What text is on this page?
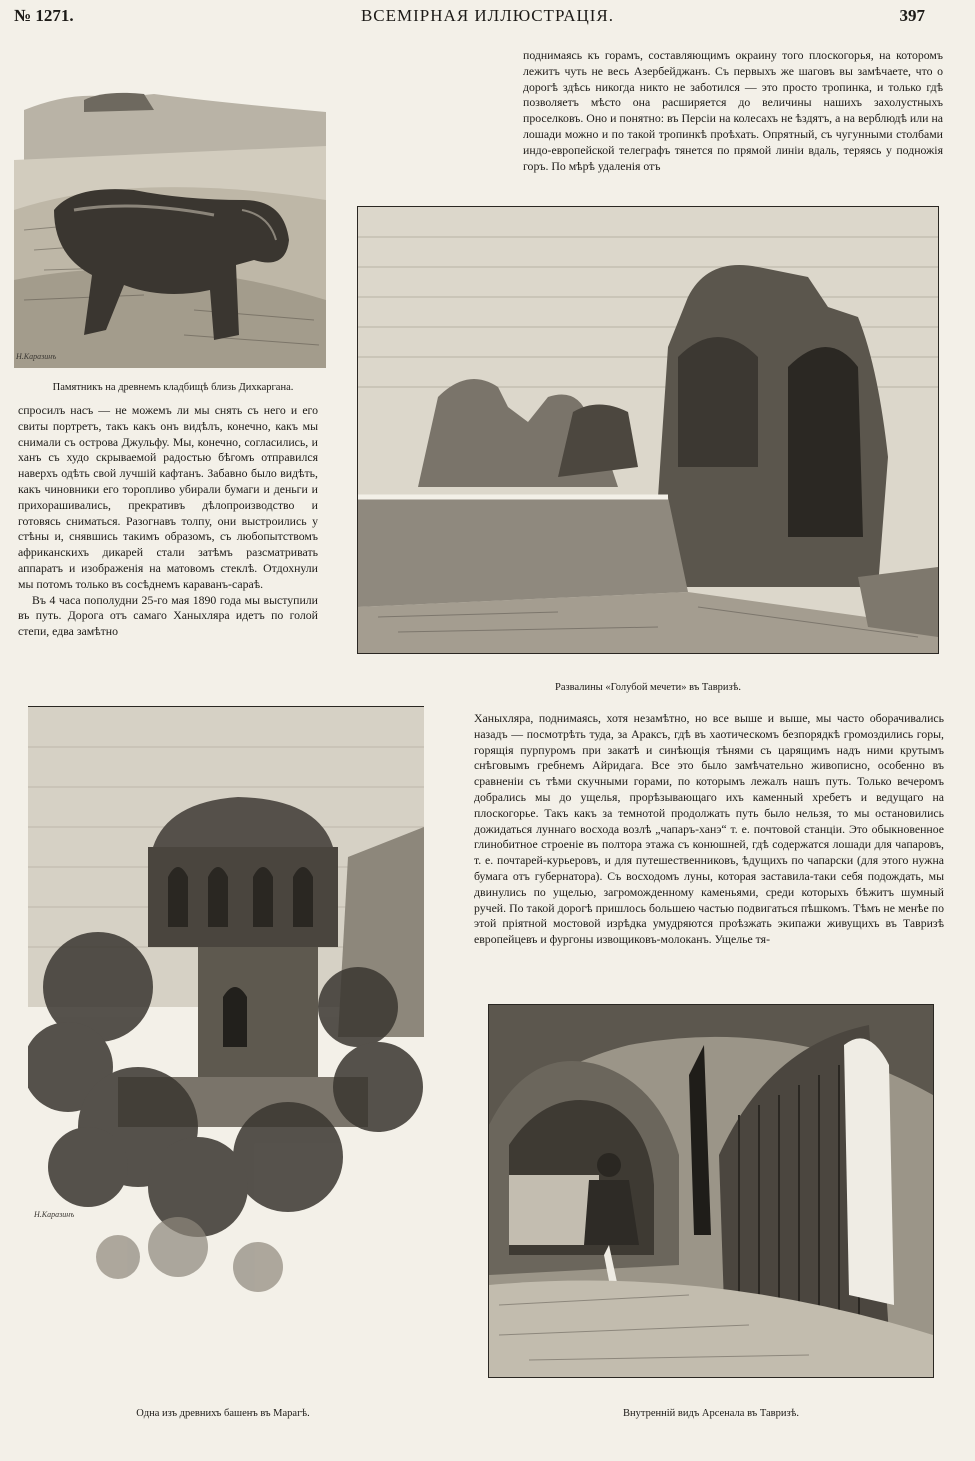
№ 1271.	ВСЕМIРНАЯ ИЛЛЮСТРАЦIЯ.	397
Н.Каразинъ
Памятникъ на древнемъ кладбищѣ близь Дихкаргана.

поднимаясь къ горамъ, составляющимъ окраину того плоскогорья, на которомъ лежитъ чуть не весь Азербейджанъ. Съ первыхъ же шаговъ вы замѣчаете, что о дорогѣ здѣсь никогда никто не заботился — это просто тропинка, и только гдѣ позволяетъ мѣсто она расширяется до величины нашихъ захолустныхъ проселковъ. Оно и понятно: въ Персiи на колесахъ не ѣздятъ, а на верблюдѣ или на лошади можно и по такой тропинкѣ проѣхать. Опрятный, съ чугунными столбами индо-европейской телеграфъ тянется по прямой линiи вдаль, теряясь у подножiя горъ. По мѣрѣ удаленiя отъ

спросилъ насъ — не можемъ ли мы снять съ него и его свиты портретъ, такъ какъ онъ видѣлъ, конечно, какъ мы снимали съ острова Джульфу. Мы, конечно, согласились, и ханъ съ худо скрываемой радостью бѣгомъ отправился наверхъ одѣть свой лучшiй кафтанъ. Забавно было видѣть, какъ чиновники его торопливо убирали бумаги и деньги и прихорашивались, прекративъ дѣлопроизводство и готовясь сниматься. Разогнавъ толпу, они выстроились у стѣны и, снявшись такимъ образомъ, съ любопытствомъ африканскихъ дикарей стали затѣмъ разсматривать аппаратъ и изображенiя на матовомъ стеклѣ. Отдохнули мы потомъ только въ сосѣднемъ караванъ-сараѣ.

Въ 4 часа пополудни 25-го мая 1890 года мы выступили въ путь. Дорога отъ самаго Ханыхляра идетъ по голой степи, едва замѣтно

Развалины «Голубой мечети» въ Тавризѣ.
Н.Каразинъ

Ханыхляра, поднимаясь, хотя незамѣтно, но все выше и выше, мы часто оборачивались назадъ — посмотрѣть туда, за Араксъ, гдѣ въ хаотическомъ безпорядкѣ громоздились горы, горящiя пурпуромъ при закатѣ и синѣющiя тѣнями съ царящимъ надъ ними крутымъ снѣговымъ гребнемъ Айридага. Все это было замѣчательно живописно, особенно въ сравненiи съ тѣми скучными горами, по которымъ лежалъ нашъ путь. Только вечеромъ добрались мы до ущелья, прорѣзывающаго ихъ каменный хребетъ и ведущаго на плоскогорье. Такъ какъ за темнотой продолжать путь было нельзя, то мы остановились дожидаться луннаго восхода возлѣ „чапаръ-ханэ“ т. е. почтовой станцiи. Это обыкновенное глинобитное строенiе въ полтора этажа съ конюшней, гдѣ содержатся лошади для чапаровъ, т. е. почтарей-курьеровъ, и для путешественниковъ, ѣдущихъ по чапарски (для этого нужна бумага отъ губернатора). Съ восходомъ луны, которая заставила-таки себя подождать, мы двинулись по ущелью, загроможденному каменьями, среди которыхъ бѣжитъ шумный ручей. По такой дорогѣ пришлось большею частью подвигаться пѣшкомъ. Тѣмъ не менѣе по этой прiятной мостовой изрѣдка умудряются проѣзжать экипажи живущихъ въ Тавризѣ европейцевъ и фургоны извощиковъ-молоканъ. Ущелье тя-

Одна изъ древнихъ башенъ въ Марагѣ.	Внутреннiй видъ Арсенала въ Тавризѣ.
